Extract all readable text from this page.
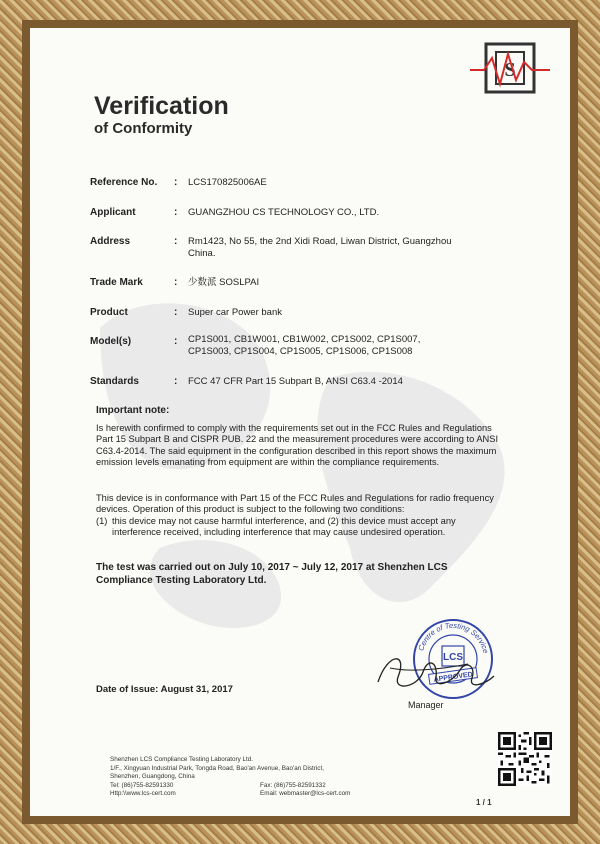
S
Verification
of Conformity
Reference No. : LCS170825006AE
Applicant	: GUANGZHOU CS TECHNOLOGY CO., LTD.
Address	: Rm1423, No 55, the 2nd Xidi Road, Liwan District, Guangzhou China.
Trade Mark	: 少数派 SOSLPAI
Product	: Super car Power bank
Model(s)	: CP1S001, CB1W001, CB1W002, CP1S002, CP1S007, CP1S003, CP1S004, CP1S005, CP1S006, CP1S008
Standards	: FCC 47 CFR Part 15 Subpart B, ANSI C63.4 -2014
Important note:
Is herewith confirmed to comply with the requirements set out in the FCC Rules and Regulations Part 15 Subpart B and CISPR PUB. 22 and the measurement procedures were according to ANSI C63.4-2014. The said equipment in the configuration described in this report shows the maximum emission levels emanating from equipment are within the compliance requirements.
This device is in conformance with Part 15 of the FCC Rules and Regulations for radio frequency devices. Operation of this product is subject to the following two conditions:
(1) this device may not cause harmful interference, and (2) this device must accept any interference received, including interference that may cause undesired operation.
The test was carried out on July 10, 2017 ~ July 12, 2017 at Shenzhen LCS Compliance Testing Laboratory Ltd.
Centre of Testing Service
LCS
APPROVED
Manager
Date of Issue: August 31, 2017
Shenzhen LCS Compliance Testing Laboratory Ltd.
1/F., Xingyuan Industrial Park, Tongda Road, Bao'an Avenue, Bao'an District,
Shenzhen, Guangdong, China
Tel: (86)755-82591330	Fax: (86)755-82591332
Http:\\www.lcs-cert.com	Email: webmaster@lcs-cert.com
1 / 1
